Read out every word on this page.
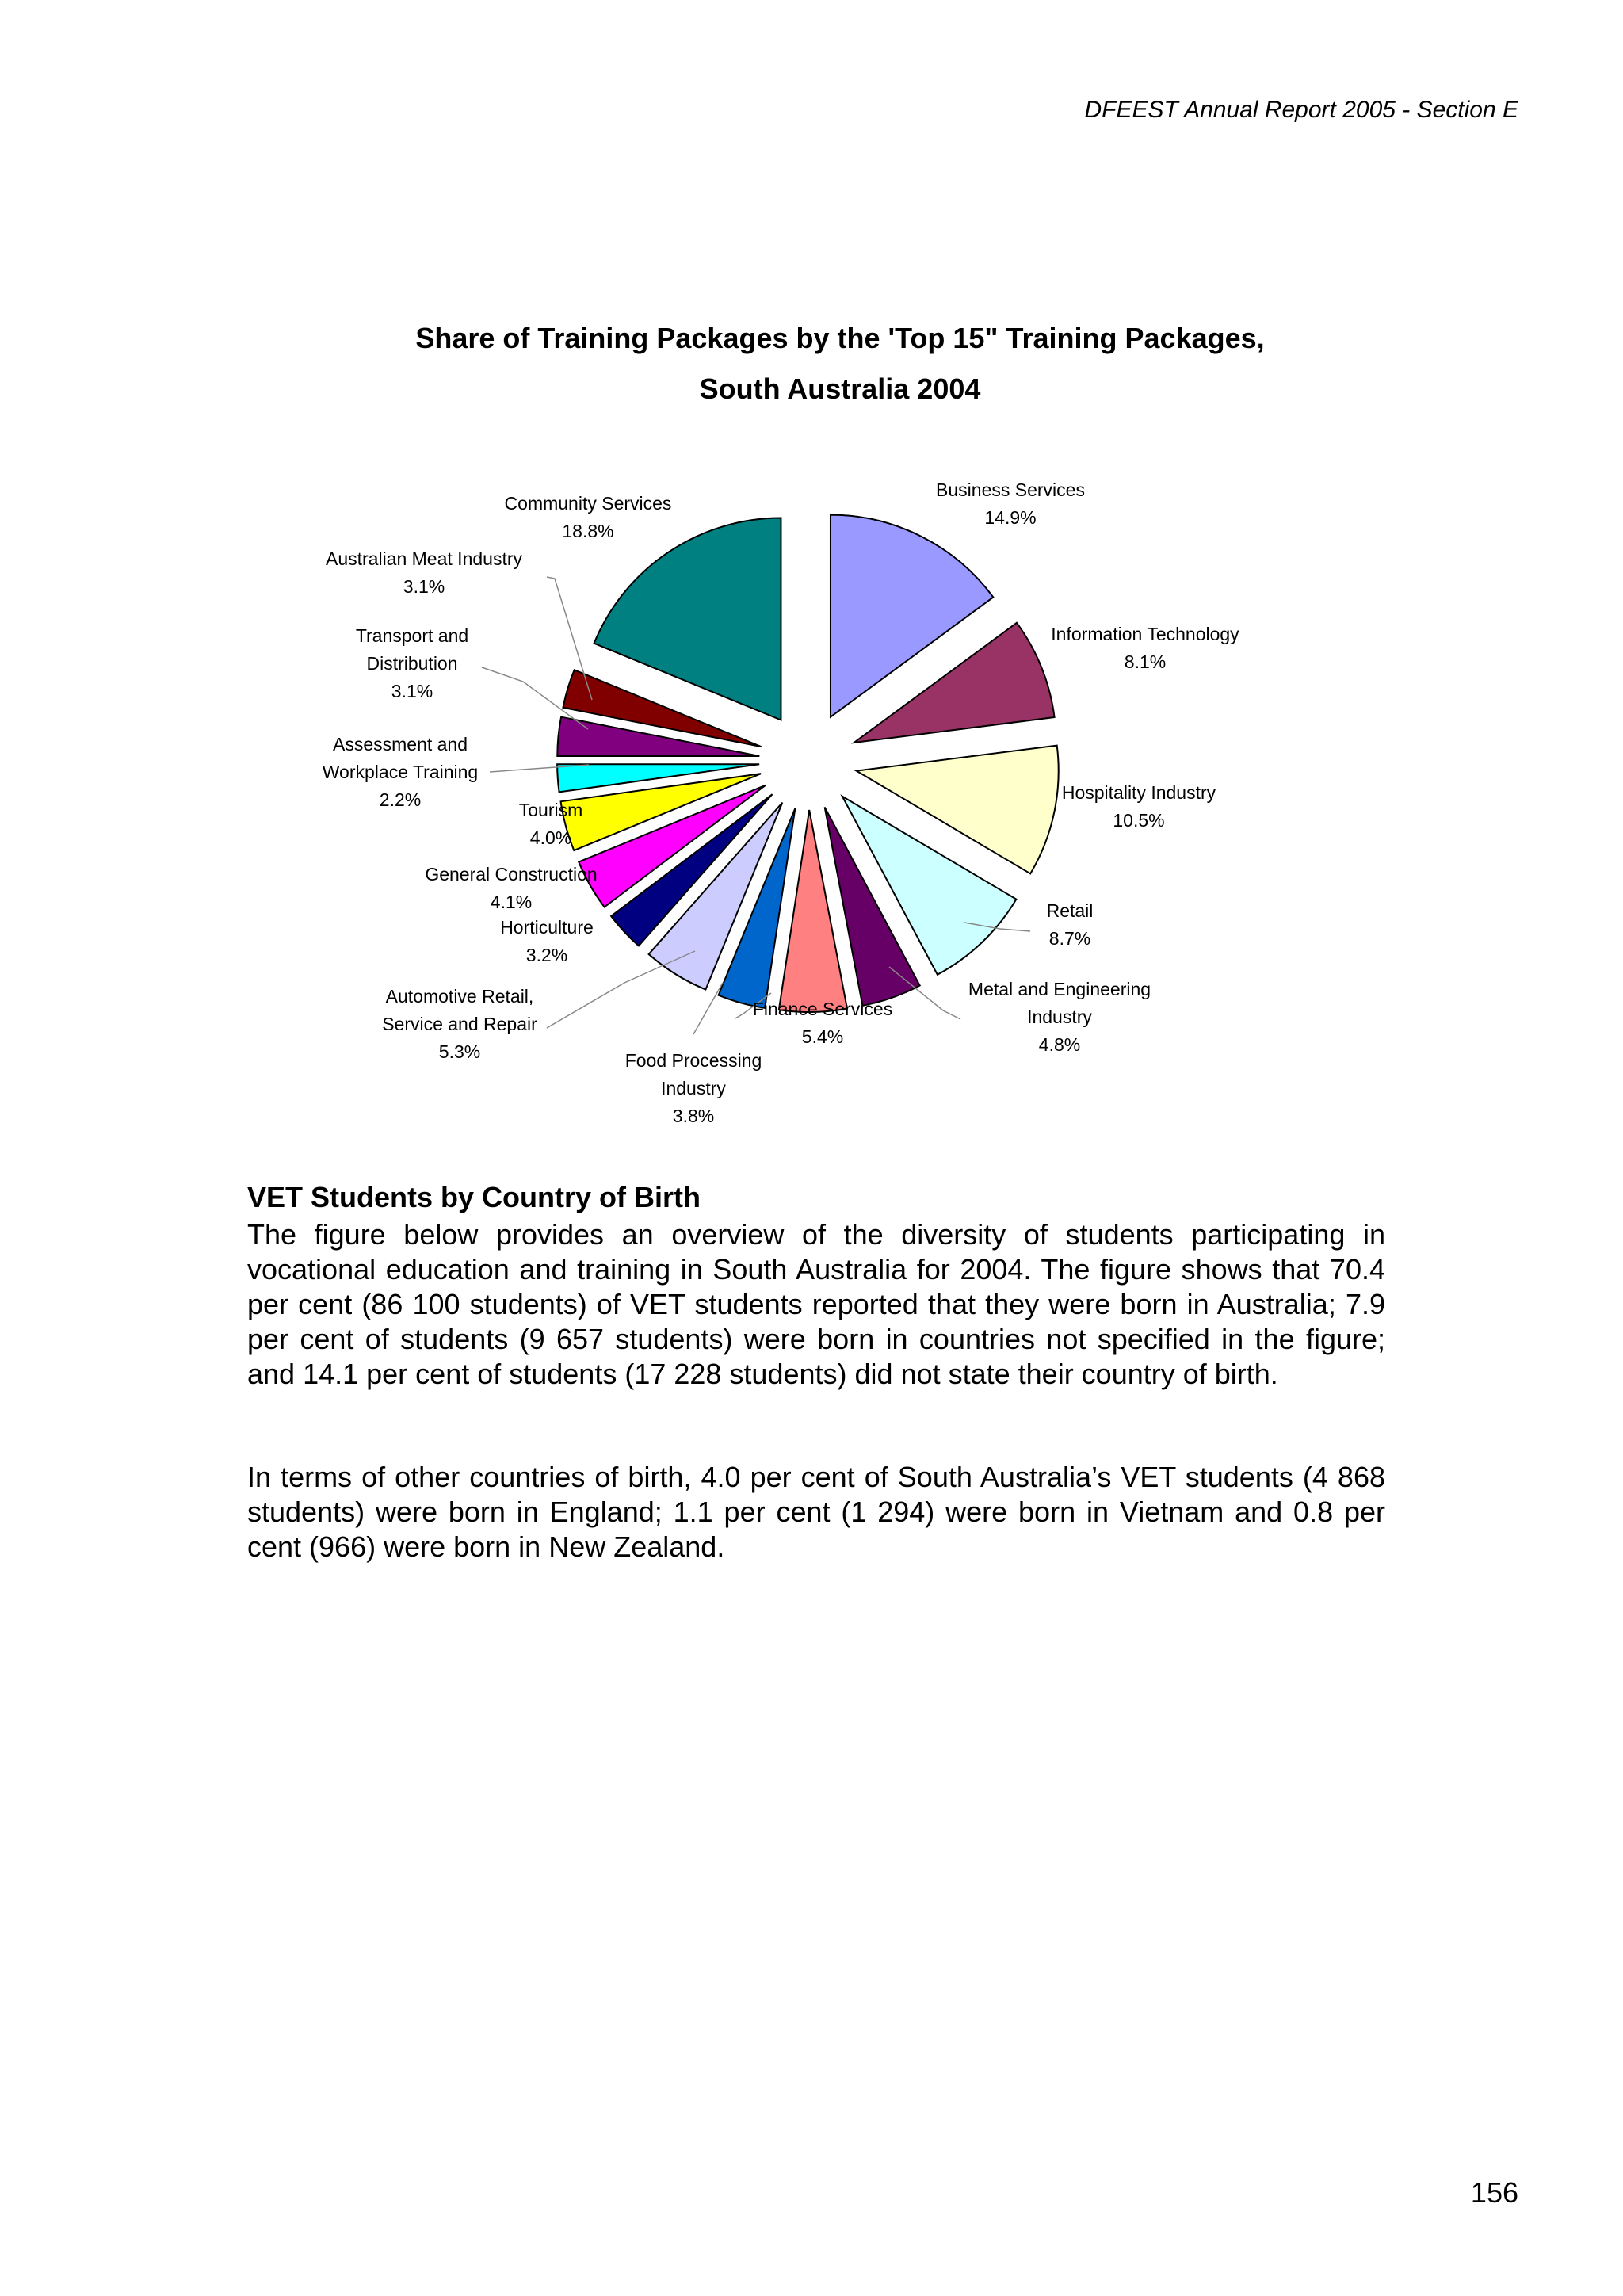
DFEEST Annual Report 2005 - Section E
Share of Training Packages by the 'Top 15" Training Packages,
South Australia 2004
Business Services 14.9%
Information Technology 8.1%
Hospitality Industry 10.5%
Retail 8.7%
Metal and Engineering Industry 4.8%
Finance Services 5.4%
Food Processing Industry 3.8%
Automotive Retail, Service and Repair 5.3%
Horticulture 3.2%
General Construction 4.1%
Tourism 4.0%
Assessment and Workplace Training 2.2%
Transport and Distribution 3.1%
Australian Meat Industry 3.1%
Community Services 18.8%
VET Students by Country of Birth

The figure below provides an overview of the diversity of students participating in vocational education and training in South Australia for 2004. The figure shows that 70.4 per cent (86 100 students) of VET students reported that they were born in Australia; 7.9 per cent of students (9 657 students) were born in countries not specified in the figure; and 14.1 per cent of students (17 228 students) did not state their country of birth.

In terms of other countries of birth, 4.0 per cent of South Australia’s VET students (4 868 students) were born in England; 1.1 per cent (1 294) were born in Vietnam and 0.8 per cent (966) were born in New Zealand.

156
